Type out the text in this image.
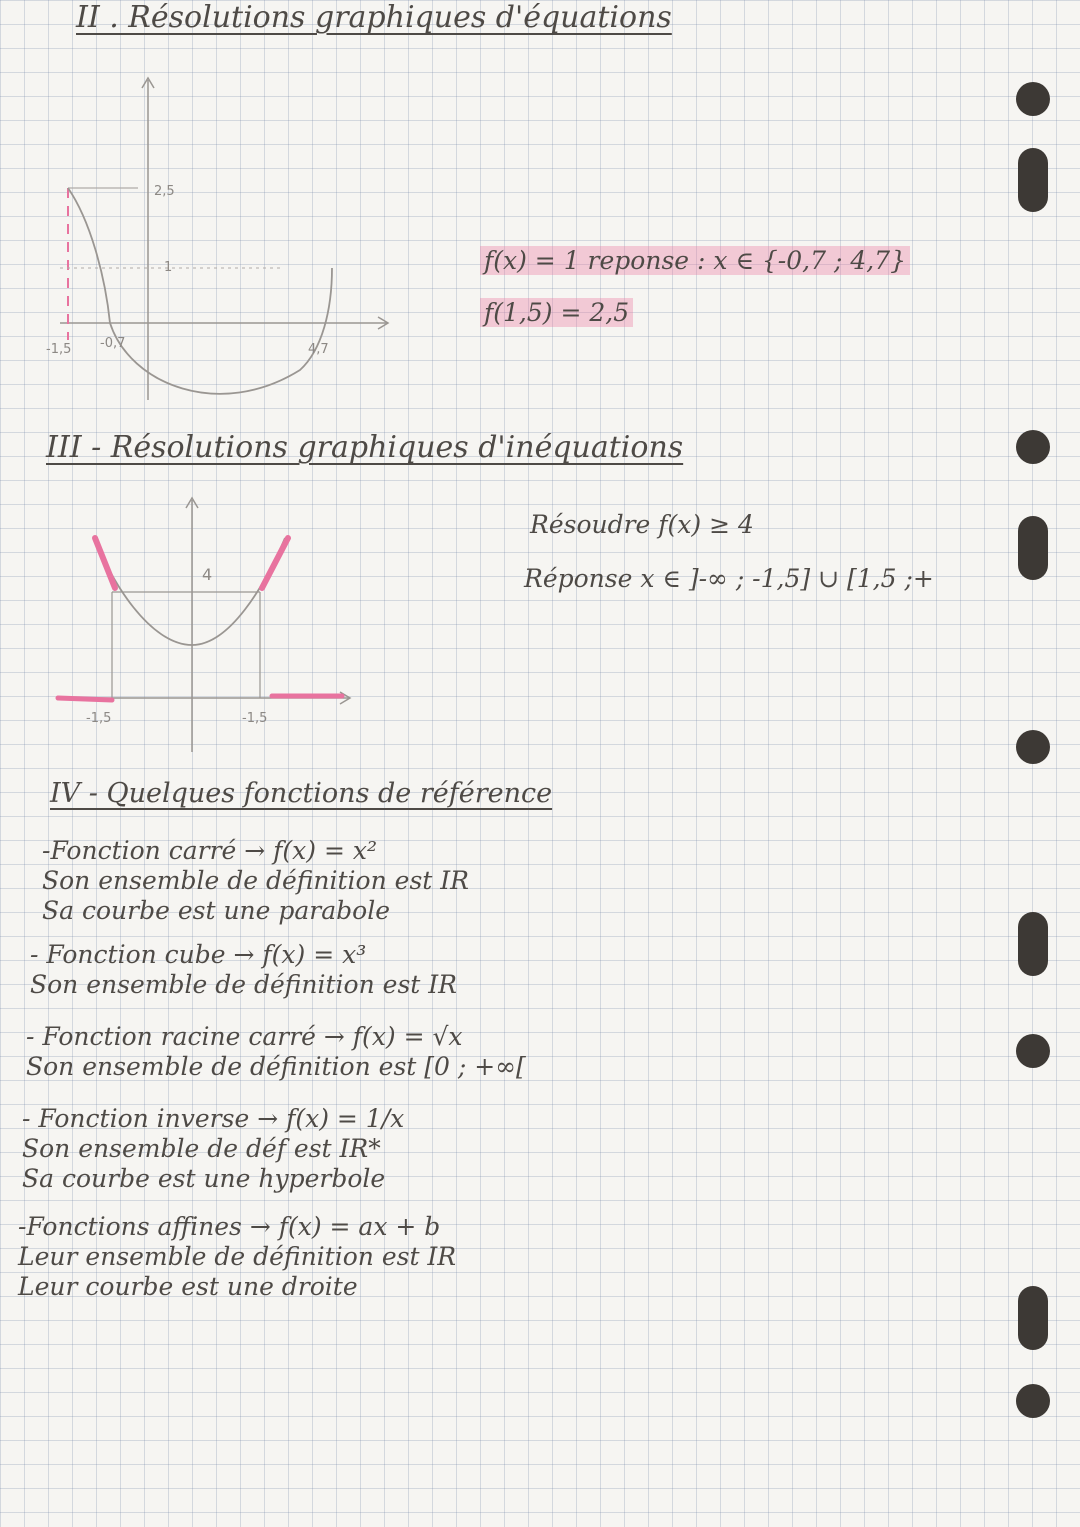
II . Résolutions graphiques d'équations
2,5
1
-1,5 -0,7	4,7
f(x) = 1 reponse : x ∈ {-0,7 ; 4,7}
f(1,5) = 2,5
III - Résolutions graphiques d'inéquations
4
-1,5	-1,5
Résoudre f(x) ≥ 4
Réponse x ∈ ]-∞ ; -1,5] ∪ [1,5 ;+
IV - Quelques fonctions de référence
-Fonction carré → f(x) = x²
Son ensemble de définition est IR
Sa courbe est une parabole
- Fonction cube → f(x) = x³
Son ensemble de définition est IR
- Fonction racine carré → f(x) = √x
Son ensemble de définition est [0 ; +∞[
- Fonction inverse → f(x) = 1/x
Son ensemble de déf est IR*
Sa courbe est une hyperbole
-Fonctions affines → f(x) = ax + b
Leur ensemble de définition est IR
Leur courbe est une droite
